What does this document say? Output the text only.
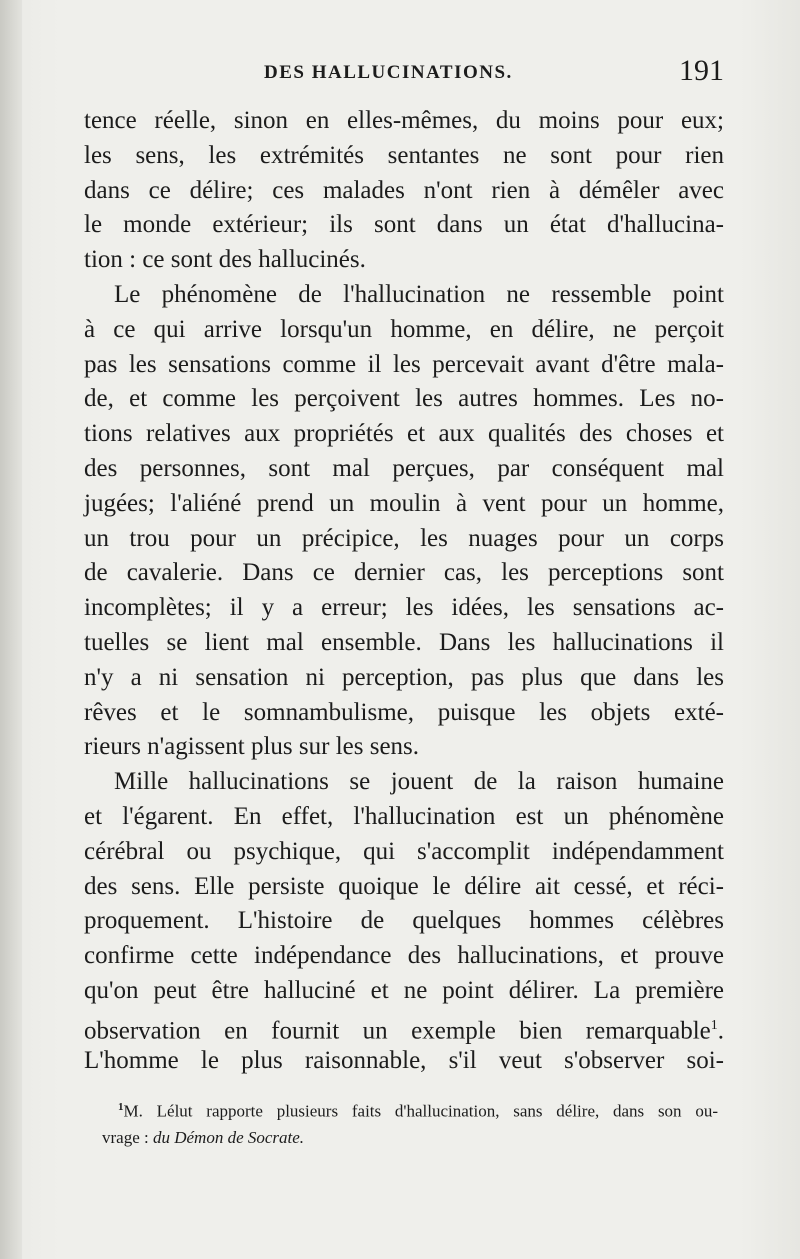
DES HALLUCINATIONS.	191
tence réelle, sinon en elles-mêmes, du moins pour eux;
les sens, les extrémités sentantes ne sont pour rien
dans ce délire; ces malades n'ont rien à démêler avec
le monde extérieur; ils sont dans un état d'hallucina-
tion : ce sont des hallucinés.
Le phénomène de l'hallucination ne ressemble point
à ce qui arrive lorsqu'un homme, en délire, ne perçoit
pas les sensations comme il les percevait avant d'être mala-
de, et comme les perçoivent les autres hommes. Les no-
tions relatives aux propriétés et aux qualités des choses et
des personnes, sont mal perçues, par conséquent mal
jugées; l'aliéné prend un moulin à vent pour un homme,
un trou pour un précipice, les nuages pour un corps
de cavalerie. Dans ce dernier cas, les perceptions sont
incomplètes; il y a erreur; les idées, les sensations ac-
tuelles se lient mal ensemble. Dans les hallucinations il
n'y a ni sensation ni perception, pas plus que dans les
rêves et le somnambulisme, puisque les objets exté-
rieurs n'agissent plus sur les sens.
Mille hallucinations se jouent de la raison humaine
et l'égarent. En effet, l'hallucination est un phénomène
cérébral ou psychique, qui s'accomplit indépendamment
des sens. Elle persiste quoique le délire ait cessé, et réci-
proquement. L'histoire de quelques hommes célèbres
confirme cette indépendance des hallucinations, et prouve
qu'on peut être halluciné et ne point délirer. La première
observation en fournit un exemple bien remarquable$^1$.
L'homme le plus raisonnable, s'il veut s'observer soi-
$^1$M. Lélut rapporte plusieurs faits d'hallucination, sans délire, dans son ou-
vrage : du Démon de Socrate.
